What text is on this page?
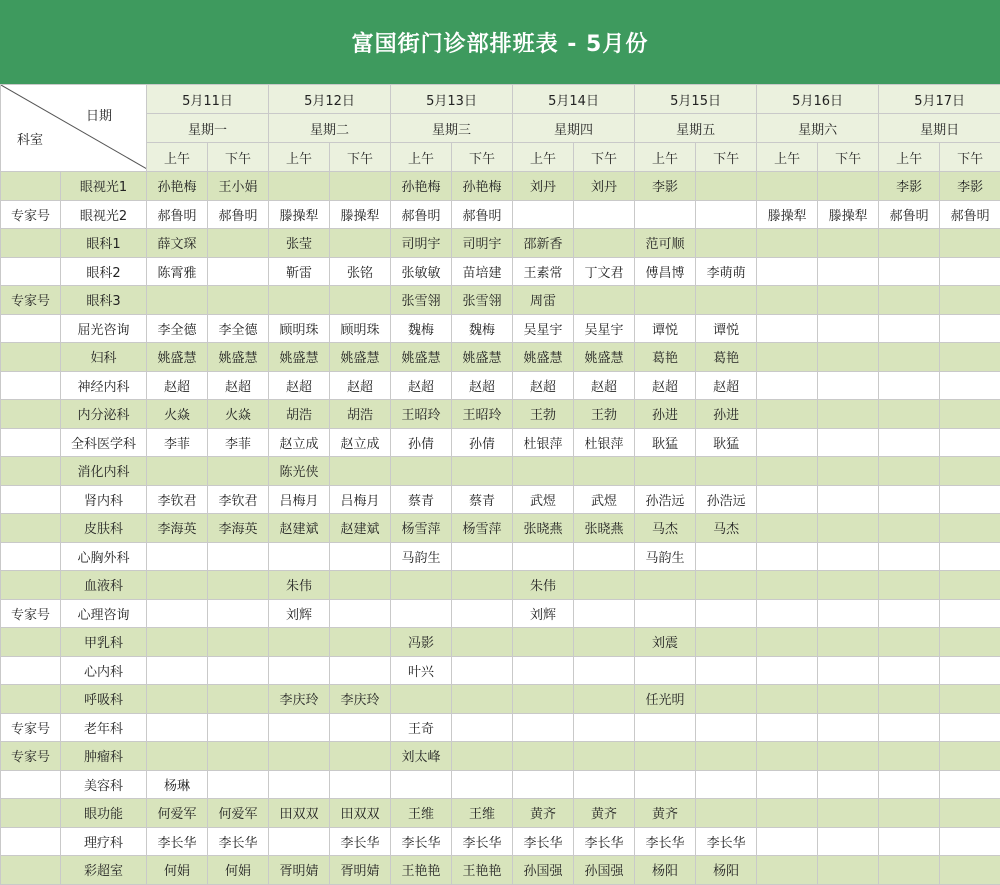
富国街门诊部排班表 - 5月份
日期
科室		5月11日		5月12日		5月13日		5月14日		5月15日		5月16日		5月17日	
		星期一		星期二		星期三		星期四		星期五		星期六		星期日	
		上午	下午	上午	下午	上午	下午	上午	下午	上午	下午	上午	下午	上午	下午
	眼视光1	孙艳梅	王小娟			孙艳梅	孙艳梅	刘丹	刘丹	李影				李影	李影
专家号	眼视光2	郝鲁明	郝鲁明	滕操犁	滕操犁	郝鲁明	郝鲁明					滕操犁	滕操犁	郝鲁明	郝鲁明
	眼科1	薛文琛		张莹		司明宇	司明宇	邵新香		范可顺					
	眼科2	陈霄雅		靳雷	张铭	张敏敏	苗培建	王素常	丁文君	傅昌博	李萌萌				
专家号	眼科3					张雪翎	张雪翎	周雷							
	屈光咨询	李全德	李全德	顾明珠	顾明珠	魏梅	魏梅	吴星宇	吴星宇	谭悦	谭悦				
	妇科	姚盛慧	姚盛慧	姚盛慧	姚盛慧	姚盛慧	姚盛慧	姚盛慧	姚盛慧	葛艳	葛艳				
	神经内科	赵超	赵超	赵超	赵超	赵超	赵超	赵超	赵超	赵超	赵超				
	内分泌科	火焱	火焱	胡浩	胡浩	王昭玲	王昭玲	王勃	王勃	孙进	孙进				
	全科医学科	李菲	李菲	赵立成	赵立成	孙倩	孙倩	杜银萍	杜银萍	耿猛	耿猛				
	消化内科			陈光侠											
	肾内科	李钦君	李钦君	吕梅月	吕梅月	蔡青	蔡青	武煜	武煜	孙浩远	孙浩远				
	皮肤科	李海英	李海英	赵建斌	赵建斌	杨雪萍	杨雪萍	张晓燕	张晓燕	马杰	马杰				
	心胸外科					马韵生				马韵生					
	血液科			朱伟				朱伟							
专家号	心理咨询			刘辉				刘辉							
	甲乳科					冯影				刘震					
	心内科					叶兴									
	呼吸科			李庆玲	李庆玲					任光明					
专家号	老年科					王奇									
专家号	肿瘤科					刘太峰									
	美容科	杨琳													
	眼功能	何爱军	何爱军	田双双	田双双	王维	王维	黄齐	黄齐	黄齐					
	理疗科	李长华	李长华		李长华	李长华	李长华	李长华	李长华	李长华	李长华				
	彩超室	何娟	何娟	胥明婧	胥明婧	王艳艳	王艳艳	孙国强	孙国强	杨阳	杨阳				
